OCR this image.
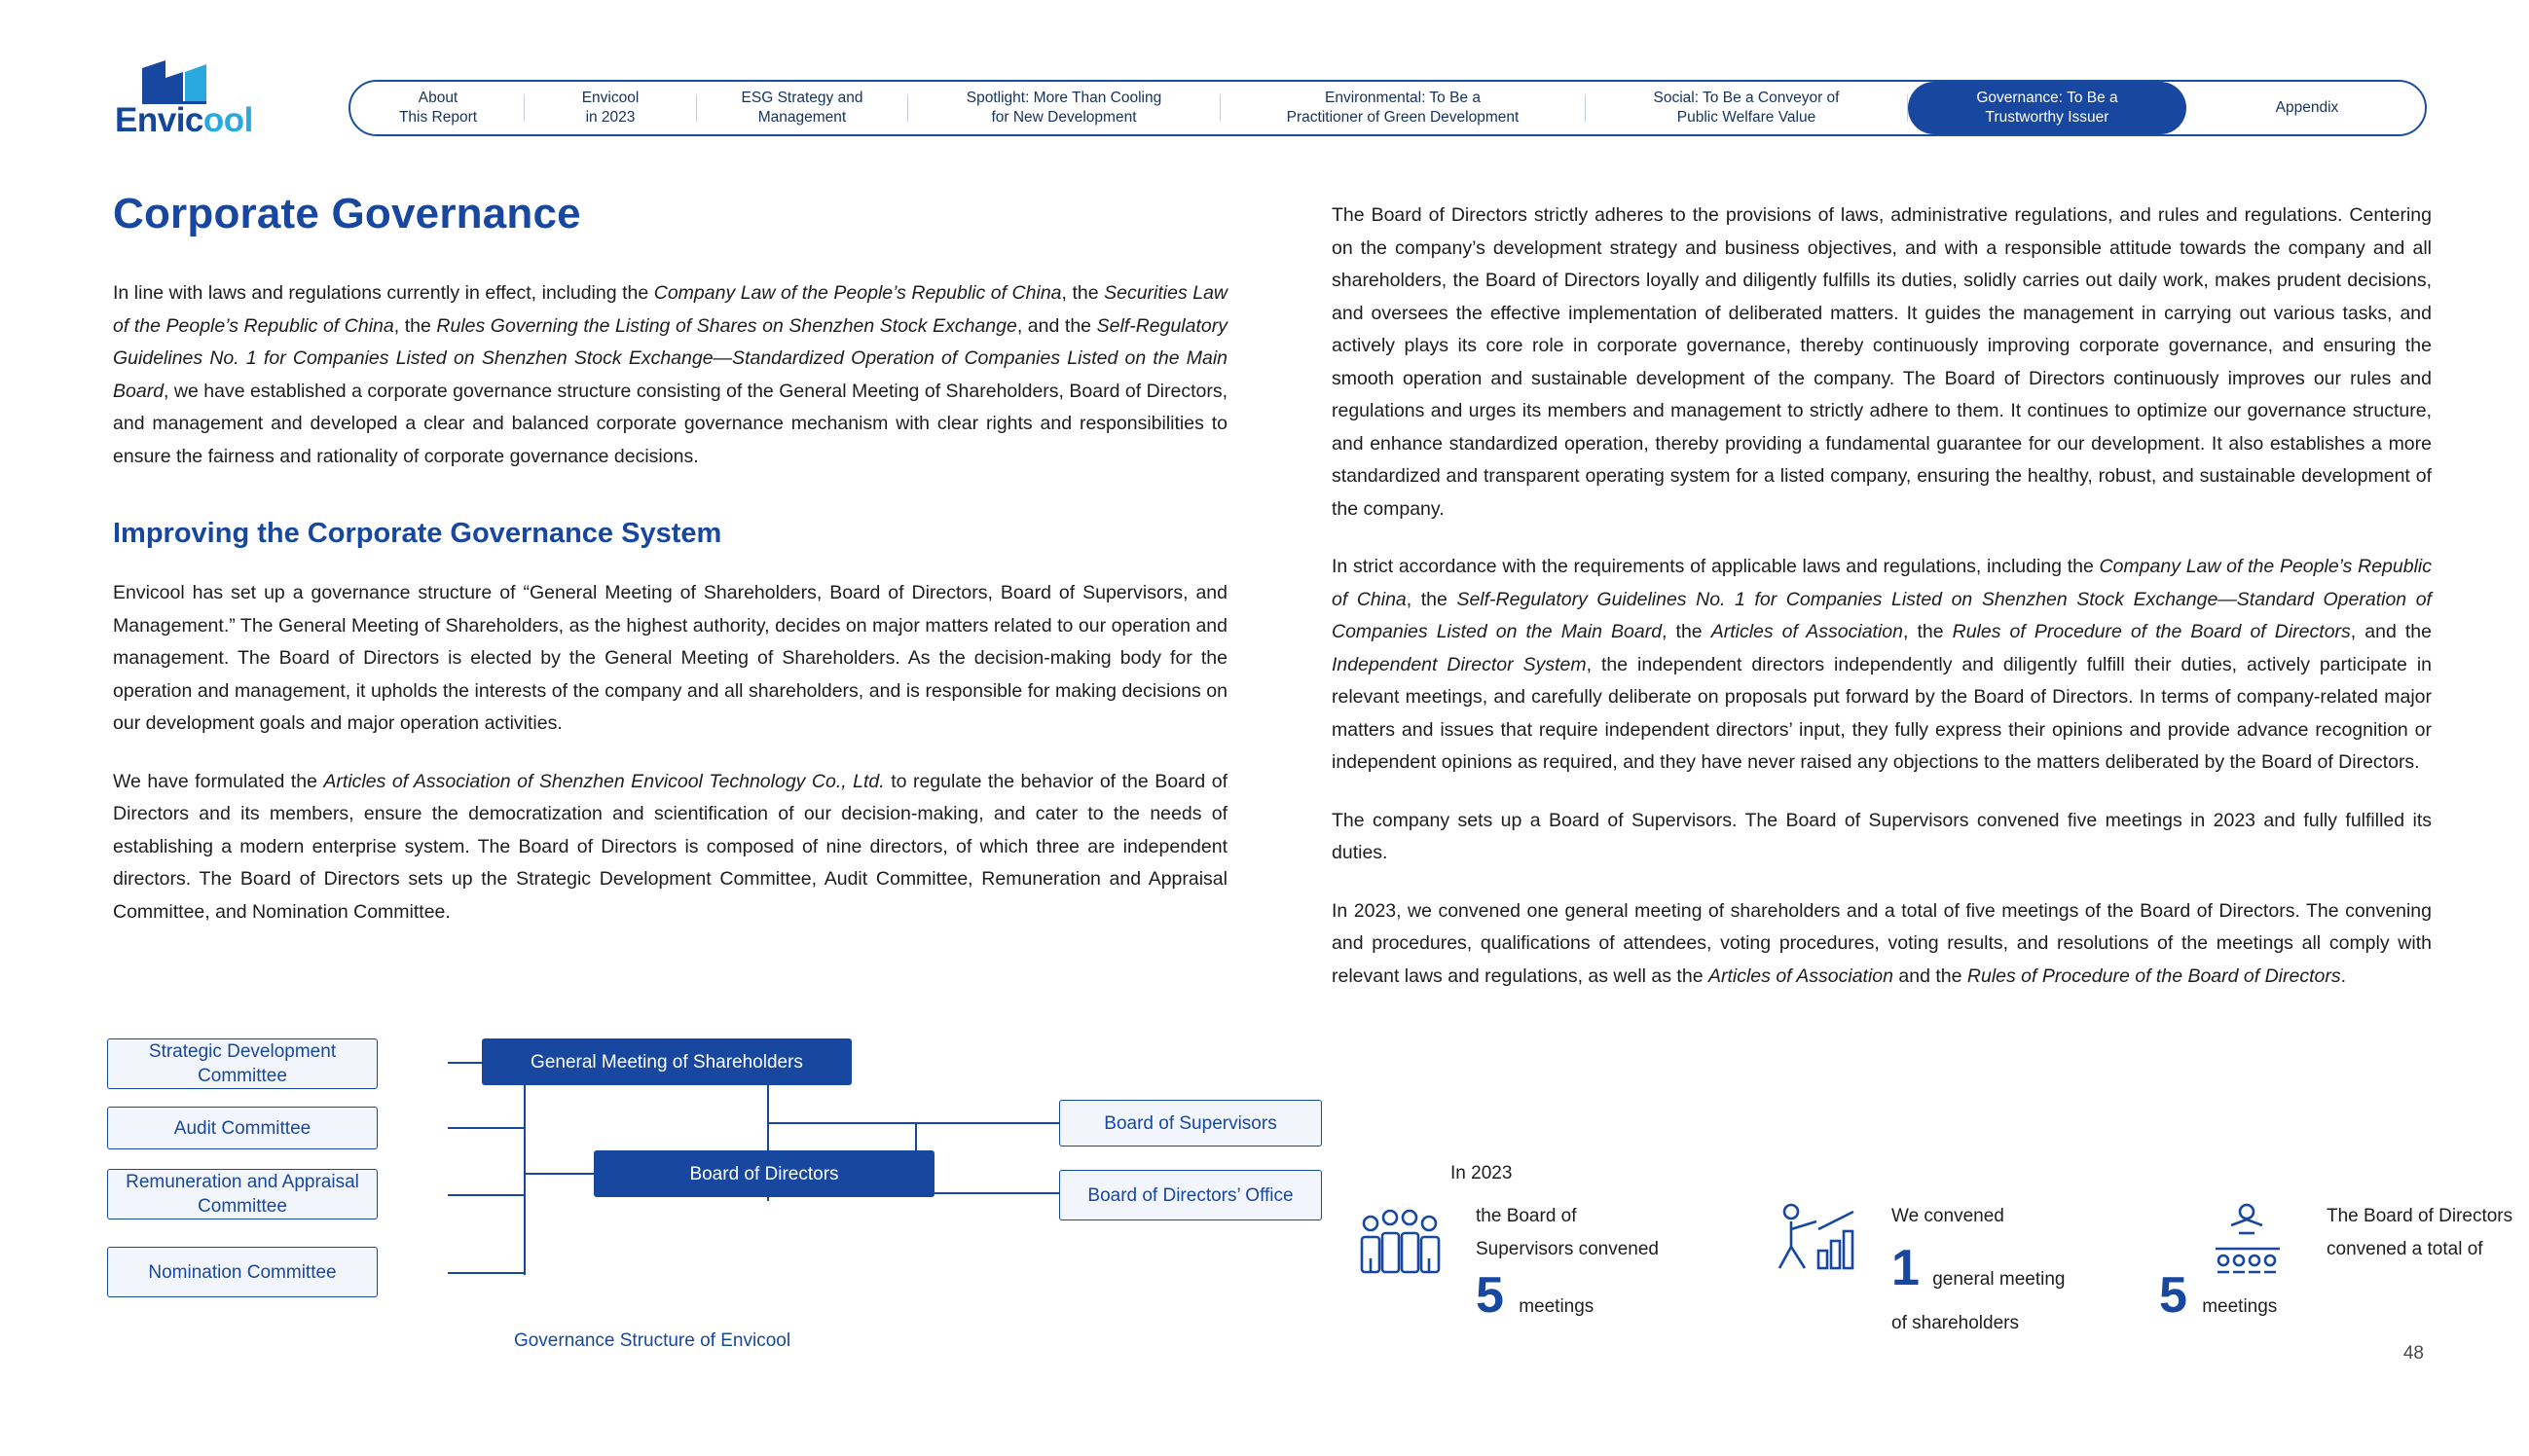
Envicool
About
This Report
Envicool
in 2023
ESG Strategy and
Management
Spotlight: More Than Cooling
for New Development
Environmental: To Be a
Practitioner of Green Development
Social: To Be a Conveyor of
Public Welfare Value
Governance: To Be a
Trustworthy Issuer
Appendix
Corporate Governance

In line with laws and regulations currently in effect, including the Company Law of the People’s Republic of China, the Securities Law of the People’s Republic of China, the Rules Governing the Listing of Shares on Shenzhen Stock Exchange, and the Self-Regulatory Guidelines No. 1 for Companies Listed on Shenzhen Stock Exchange—Standardized Operation of Companies Listed on the Main Board, we have established a corporate governance structure consisting of the General Meeting of Shareholders, Board of Directors, and management and developed a clear and balanced corporate governance mechanism with clear rights and responsibilities to ensure the fairness and rationality of corporate governance decisions.

Improving the Corporate Governance System

Envicool has set up a governance structure of “General Meeting of Shareholders, Board of Directors, Board of Supervisors, and Management.” The General Meeting of Shareholders, as the highest authority, decides on major matters related to our operation and management. The Board of Directors is elected by the General Meeting of Shareholders. As the decision-making body for the operation and management, it upholds the interests of the company and all shareholders, and is responsible for making decisions on our development goals and major operation activities.

We have formulated the Articles of Association of Shenzhen Envicool Technology Co., Ltd. to regulate the behavior of the Board of Directors and its members, ensure the democratization and scientification of our decision-making, and cater to the needs of establishing a modern enterprise system. The Board of Directors is composed of nine directors, of which three are independent directors. The Board of Directors sets up the Strategic Development Committee, Audit Committee, Remuneration and Appraisal Committee, and Nomination Committee.

General Meeting of Shareholders
Board of Directors
Board of Supervisors
Board of Directors’ Office
Strategic Development Committee
Audit Committee
Remuneration and Appraisal Committee
Nomination Committee
Governance Structure of Envicool

The Board of Directors strictly adheres to the provisions of laws, administrative regulations, and rules and regulations. Centering on the company’s development strategy and business objectives, and with a responsible attitude towards the company and all shareholders, the Board of Directors loyally and diligently fulfills its duties, solidly carries out daily work, makes prudent decisions, and oversees the effective implementation of deliberated matters. It guides the management in carrying out various tasks, and actively plays its core role in corporate governance, thereby continuously improving corporate governance, and ensuring the smooth operation and sustainable development of the company. The Board of Directors continuously improves our rules and regulations and urges its members and management to strictly adhere to them. It continues to optimize our governance structure, and enhance standardized operation, thereby providing a fundamental guarantee for our development. It also establishes a more standardized and transparent operating system for a listed company, ensuring the healthy, robust, and sustainable development of the company.

In strict accordance with the requirements of applicable laws and regulations, including the Company Law of the People’s Republic of China, the Self-Regulatory Guidelines No. 1 for Companies Listed on Shenzhen Stock Exchange—Standard Operation of Companies Listed on the Main Board, the Articles of Association, the Rules of Procedure of the Board of Directors, and the Independent Director System, the independent directors independently and diligently fulfill their duties, actively participate in relevant meetings, and carefully deliberate on proposals put forward by the Board of Directors. In terms of company-related major matters and issues that require independent directors’ input, they fully express their opinions and provide advance recognition or independent opinions as required, and they have never raised any objections to the matters deliberated by the Board of Directors.

The company sets up a Board of Supervisors. The Board of Supervisors convened five meetings in 2023 and fully fulfilled its duties.

In 2023, we convened one general meeting of shareholders and a total of five meetings of the Board of Directors. The convening and procedures, qualifications of attendees, voting procedures, voting results, and resolutions of the meetings all comply with relevant laws and regulations, as well as the Articles of Association and the Rules of Procedure of the Board of Directors.

In 2023
the Board of
Supervisors convened
5 meetings
We convened
1 general meeting
of shareholders
The Board of Directors
convened a total of
5 meetings
48
